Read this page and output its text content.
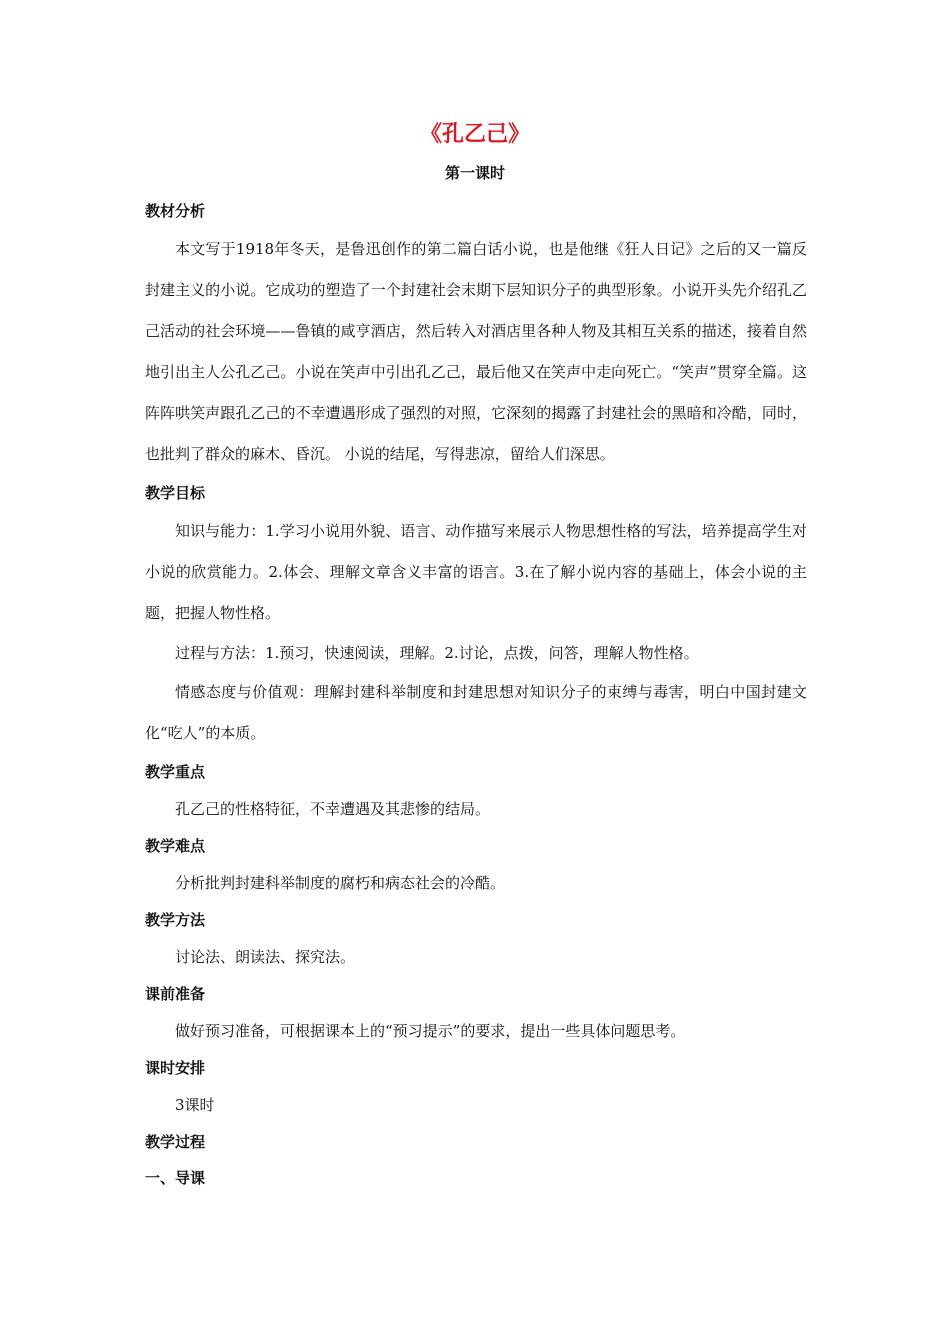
《孔乙己》
第一课时

教材分析

本文写于1918年冬天，是鲁迅创作的第二篇白话小说，也是他继《狂人日记》之后的又一篇反封建主义的小说。它成功的塑造了一个封建社会末期下层知识分子的典型形象。小说开头先介绍孔乙己活动的社会环境——鲁镇的咸亨酒店，然后转入对酒店里各种人物及其相互关系的描述，接着自然地引出主人公孔乙己。小说在笑声中引出孔乙己，最后他又在笑声中走向死亡。“笑声”贯穿全篇。这阵阵哄笑声跟孔乙己的不幸遭遇形成了强烈的对照，它深刻的揭露了封建社会的黑暗和冷酷，同时，也批判了群众的麻木、昏沉。 小说的结尾，写得悲凉，留给人们深思。

教学目标

知识与能力：1.学习小说用外貌、语言、动作描写来展示人物思想性格的写法，培养提高学生对小说的欣赏能力。2.体会、理解文章含义丰富的语言。3.在了解小说内容的基础上，体会小说的主题，把握人物性格。

过程与方法：1.预习，快速阅读，理解。2.讨论，点拨，问答，理解人物性格。

情感态度与价值观：理解封建科举制度和封建思想对知识分子的束缚与毒害，明白中国封建文化“吃人”的本质。

教学重点

孔乙己的性格特征，不幸遭遇及其悲惨的结局。

教学难点

分析批判封建科举制度的腐朽和病态社会的冷酷。

教学方法

讨论法、朗读法、探究法。

课前准备

做好预习准备，可根据课本上的“预习提示”的要求，提出一些具体问题思考。

课时安排

3课时

教学过程

一、导课
